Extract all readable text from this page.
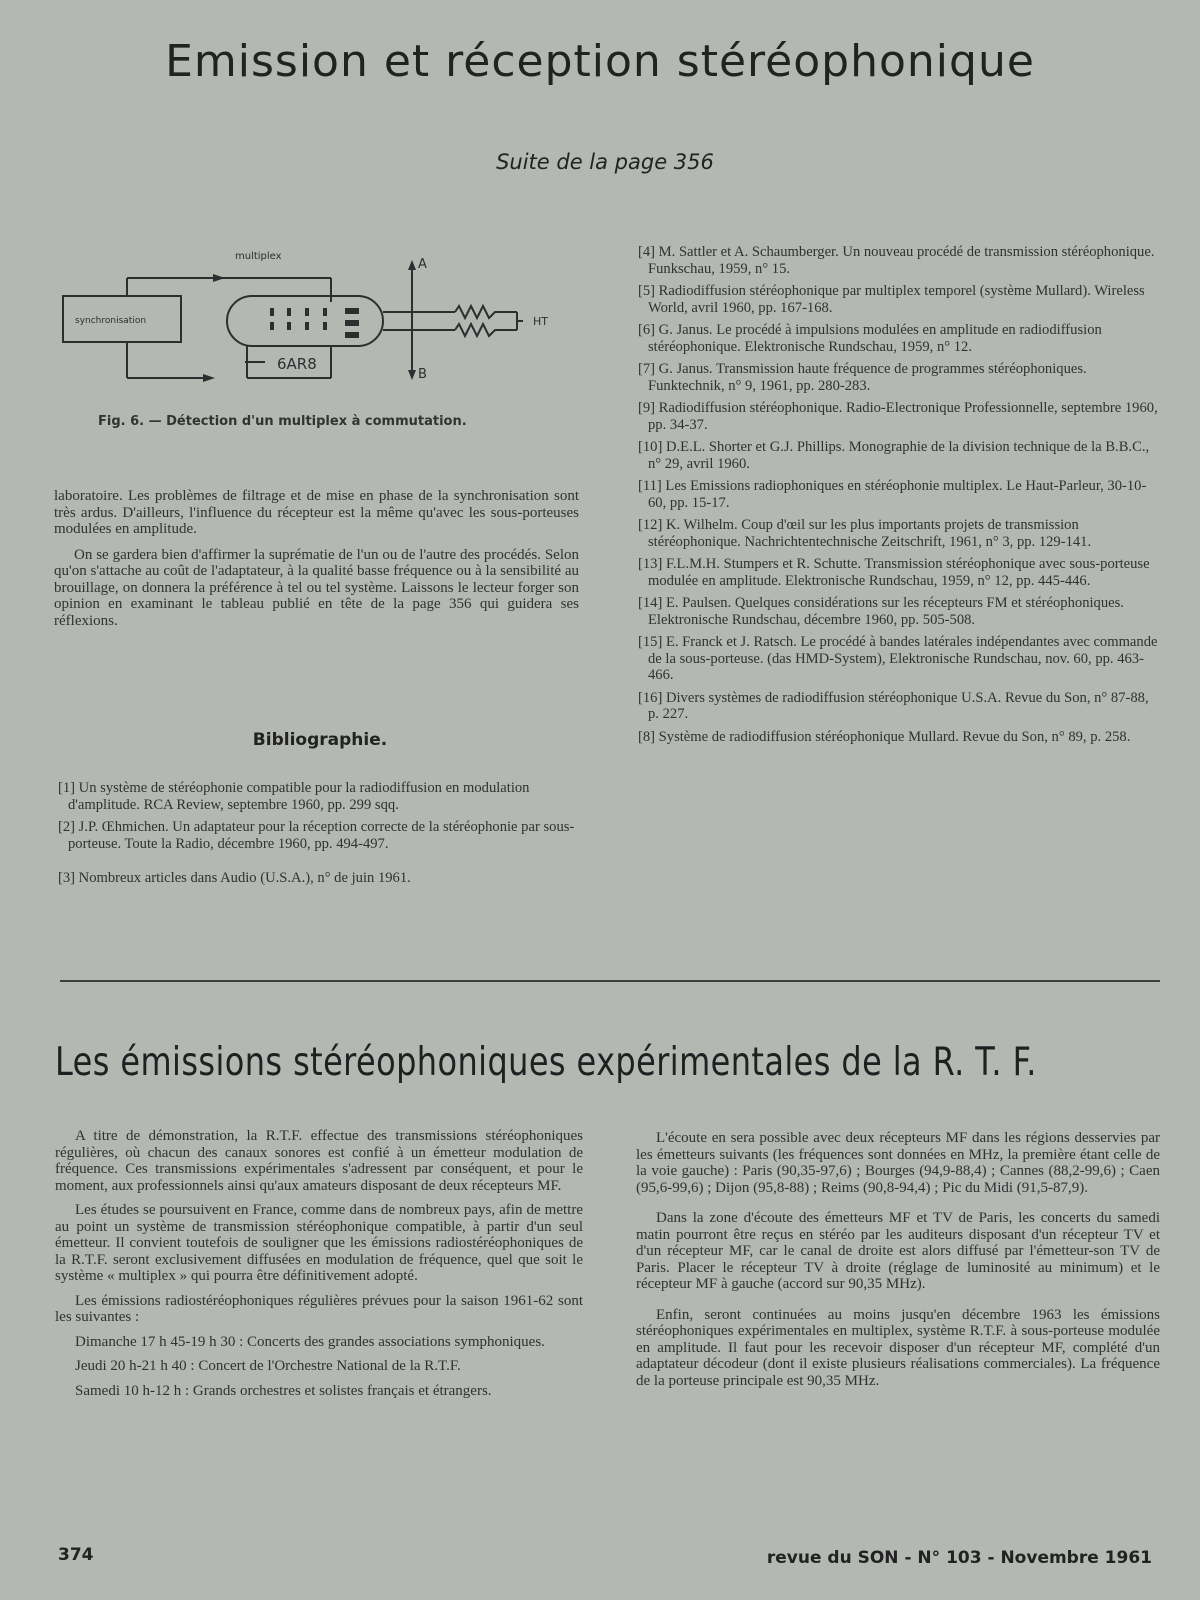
Emission et réception stéréophonique
Suite de la page 356
multiplex
synchronisation
6AR8
A
B
HT
Fig. 6. — Détection d'un multiplex à commutation.

laboratoire. Les problèmes de filtrage et de mise en phase de la synchronisation sont très ardus. D'ailleurs, l'influence du récepteur est la même qu'avec les sous-porteuses modulées en amplitude.

On se gardera bien d'affirmer la suprématie de l'un ou de l'autre des procédés. Selon qu'on s'attache au coût de l'adaptateur, à la qualité basse fréquence ou à la sensibilité au brouillage, on donnera la préférence à tel ou tel système. Laissons le lecteur forger son opinion en examinant le tableau publié en tête de la page 356 qui guidera ses réflexions.

Bibliographie.
[1] Un système de stéréophonie compatible pour la radiodiffusion en modulation d'amplitude. RCA Review, septembre 1960, pp. 299 sqq.
[2] J.P. Œhmichen. Un adaptateur pour la réception correcte de la stéréophonie par sous-porteuse. Toute la Radio, décembre 1960, pp. 494-497.
[3] Nombreux articles dans Audio (U.S.A.), n° de juin 1961.
[4] M. Sattler et A. Schaumberger. Un nouveau procédé de transmission stéréophonique. Funkschau, 1959, n° 15.
[5] Radiodiffusion stéréophonique par multiplex temporel (système Mullard). Wireless World, avril 1960, pp. 167-168.
[6] G. Janus. Le procédé à impulsions modulées en amplitude en radiodiffusion stéréophonique. Elektronische Rundschau, 1959, n° 12.
[7] G. Janus. Transmission haute fréquence de programmes stéréophoniques. Funktechnik, n° 9, 1961, pp. 280-283.
[9] Radiodiffusion stéréophonique. Radio-Electronique Professionnelle, septembre 1960, pp. 34-37.
[10] D.E.L. Shorter et G.J. Phillips. Monographie de la division technique de la B.B.C., n° 29, avril 1960.
[11] Les Emissions radiophoniques en stéréophonie multiplex. Le Haut-Parleur, 30-10-60, pp. 15-17.
[12] K. Wilhelm. Coup d'œil sur les plus importants projets de transmission stéréophonique. Nachrichtentechnische Zeitschrift, 1961, n° 3, pp. 129-141.
[13] F.L.M.H. Stumpers et R. Schutte. Transmission stéréophonique avec sous-porteuse modulée en amplitude. Elektronische Rundschau, 1959, n° 12, pp. 445-446.
[14] E. Paulsen. Quelques considérations sur les récepteurs FM et stéréophoniques. Elektronische Rundschau, décembre 1960, pp. 505-508.
[15] E. Franck et J. Ratsch. Le procédé à bandes latérales indépendantes avec commande de la sous-porteuse. (das HMD-System), Elektronische Rundschau, nov. 60, pp. 463-466.
[16] Divers systèmes de radiodiffusion stéréophonique U.S.A. Revue du Son, n° 87-88, p. 227.
[8] Système de radiodiffusion stéréophonique Mullard. Revue du Son, n° 89, p. 258.
Les émissions stéréophoniques expérimentales de la R. T. F.

A titre de démonstration, la R.T.F. effectue des transmissions stéréophoniques régulières, où chacun des canaux sonores est confié à un émetteur modulation de fréquence. Ces transmissions expérimentales s'adressent par conséquent, et pour le moment, aux professionnels ainsi qu'aux amateurs disposant de deux récepteurs MF.

Les études se poursuivent en France, comme dans de nombreux pays, afin de mettre au point un système de transmission stéréophonique compatible, à partir d'un seul émetteur. Il convient toutefois de souligner que les émissions radiostéréophoniques de la R.T.F. seront exclusivement diffusées en modulation de fréquence, quel que soit le système « multiplex » qui pourra être définitivement adopté.

Les émissions radiostéréophoniques régulières prévues pour la saison 1961-62 sont les suivantes :

Dimanche 17 h 45-19 h 30 : Concerts des grandes associations symphoniques.

Jeudi 20 h-21 h 40 : Concert de l'Orchestre National de la R.T.F.

Samedi 10 h-12 h : Grands orchestres et solistes français et étrangers.

L'écoute en sera possible avec deux récepteurs MF dans les régions desservies par les émetteurs suivants (les fréquences sont données en MHz, la première étant celle de la voie gauche) : Paris (90,35-97,6) ; Bourges (94,9-88,4) ; Cannes (88,2-99,6) ; Caen (95,6-99,6) ; Dijon (95,8-88) ; Reims (90,8-94,4) ; Pic du Midi (91,5-87,9).

Dans la zone d'écoute des émetteurs MF et TV de Paris, les concerts du samedi matin pourront être reçus en stéréo par les auditeurs disposant d'un récepteur TV et d'un récepteur MF, car le canal de droite est alors diffusé par l'émetteur-son TV de Paris. Placer le récepteur TV à droite (réglage de luminosité au minimum) et le récepteur MF à gauche (accord sur 90,35 MHz).

Enfin, seront continuées au moins jusqu'en décembre 1963 les émissions stéréophoniques expérimentales en multiplex, système R.T.F. à sous-porteuse modulée en amplitude. Il faut pour les recevoir disposer d'un récepteur MF, complété d'un adaptateur décodeur (dont il existe plusieurs réalisations commerciales). La fréquence de la porteuse principale est 90,35 MHz.

374	revue du SON - N° 103 - Novembre 1961
